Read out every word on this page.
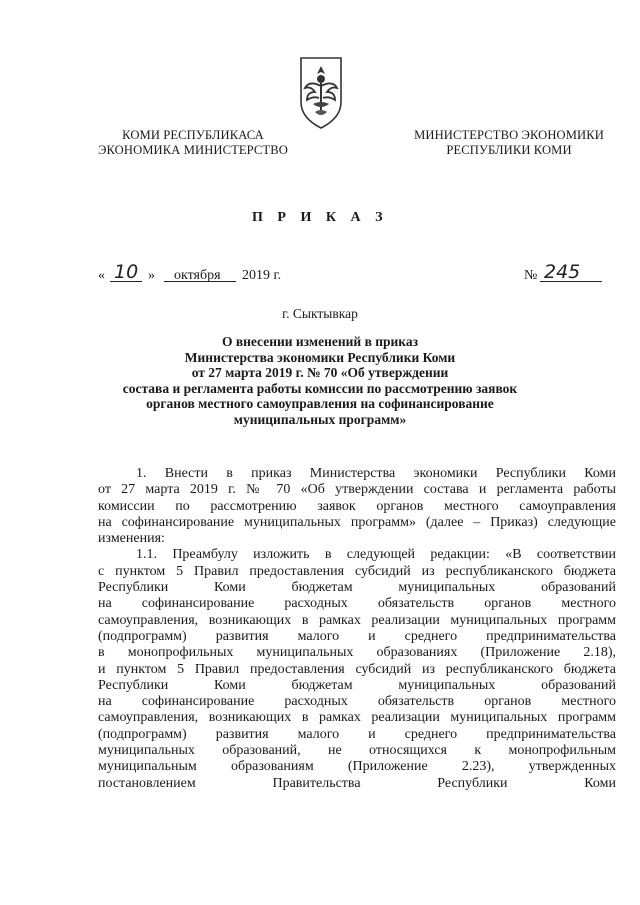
КОМИ РЕСПУБЛИКАСА
ЭКОНОМИКА МИНИСТЕРСТВО
МИНИСТЕРСТВО ЭКОНОМИКИ
РЕСПУБЛИКИ КОМИ
П Р И К А З
« 10 » октября 2019 г.	№ 245
г. Сыктывкар
О внесении изменений в приказ
Министерства экономики Республики Коми
от 27 марта 2019 г. № 70 «Об утверждении
состава и регламента работы комиссии по рассмотрению заявок
органов местного самоуправления на софинансирование
муниципальных программ»

1. Внести в приказ Министерства экономики Республики Коми

от 27 марта 2019 г. № 70 «Об утверждении состава и регламента работы

комиссии по рассмотрению заявок органов местного самоуправления

на софинансирование муниципальных программ» (далее – Приказ) следующие

изменения:

1.1. Преамбулу изложить в следующей редакции: «В соответствии

с пунктом 5 Правил предоставления субсидий из республиканского бюджета

Республики Коми бюджетам муниципальных образований

на софинансирование расходных обязательств органов местного

самоуправления, возникающих в рамках реализации муниципальных программ

(подпрограмм) развития малого и среднего предпринимательства

в монопрофильных муниципальных образованиях (Приложение 2.18),

и пунктом 5 Правил предоставления субсидий из республиканского бюджета

Республики Коми бюджетам муниципальных образований

на софинансирование расходных обязательств органов местного

самоуправления, возникающих в рамках реализации муниципальных программ

(подпрограмм) развития малого и среднего предпринимательства

муниципальных образований, не относящихся к монопрофильным

муниципальным образованиям (Приложение 2.23), утвержденных

постановлением Правительства Республики Коми
